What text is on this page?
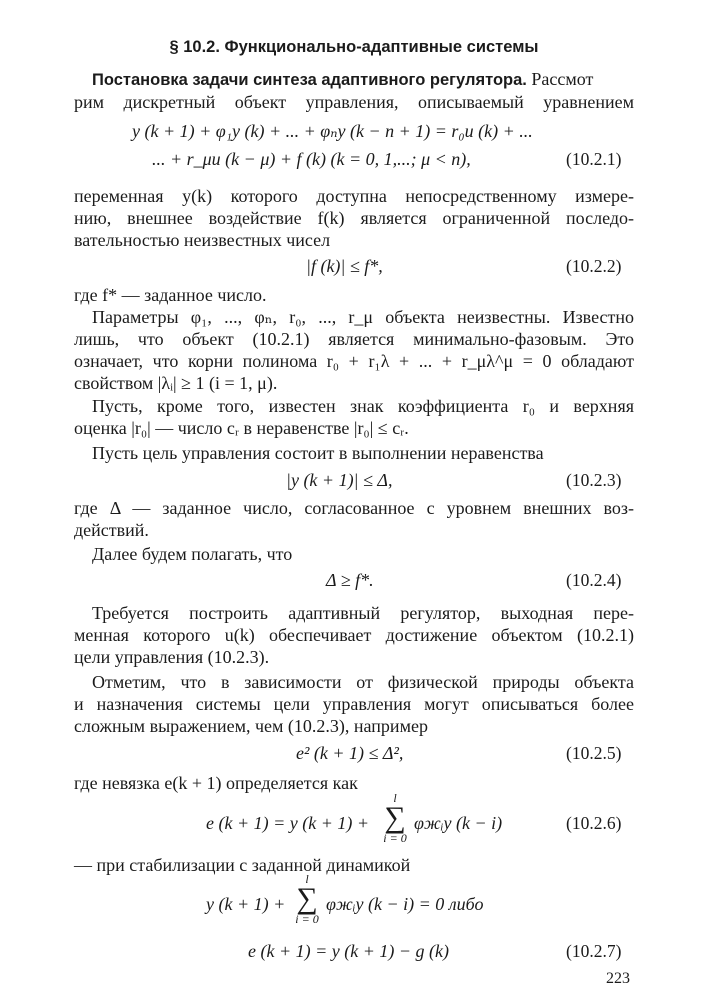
§ 10.2. Функционально-адаптивные системы
Постановка задачи синтеза адаптивного регулятора. Рассмот
рим дискретный объект управления, описываемый уравнением
y (k + 1) + φ₁y (k) + ... + φₙy (k − n + 1) = r₀u (k) + ...
... + r_μu (k − μ) + f (k) (k = 0, 1,...; μ < n),	(10.2.1)
переменная y(k) которого доступна непосредственному измере-
нию, внешнее воздействие f(k) является ограниченной последо-
вательностью неизвестных чисел
|f (k)| ≤ f*,	(10.2.2)
где f* — заданное число.
Параметры φ₁, ..., φₙ, r₀, ..., r_μ объекта неизвестны. Известно
лишь, что объект (10.2.1) является минимально-фазовым. Это
означает, что корни полинома r₀ + r₁λ + ... + r_μλ^μ = 0 обладают
свойством |λᵢ| ≥ 1 (i = 1, μ).
Пусть, кроме того, известен знак коэффициента r₀ и верхняя
оценка |r₀| — число cᵣ в неравенстве |r₀| ≤ cᵣ.
Пусть цель управления состоит в выполнении неравенства
|y (k + 1)| ≤ Δ,	(10.2.3)
где Δ — заданное число, согласованное с уровнем внешних воз-
действий.
Далее будем полагать, что
Δ ≥ f*.	(10.2.4)
Требуется построить адаптивный регулятор, выходная пере-
менная которого u(k) обеспечивает достижение объектом (10.2.1)
цели управления (10.2.3).
Отметим, что в зависимости от физической природы объекта
и назначения системы цели управления могут описываться более
сложным выражением, чем (10.2.3), например
e² (k + 1) ≤ Δ²,	(10.2.5)
где невязка e(k + 1) определяется как
e (k + 1) = y (k + 1) +
l
∑
i = 0
φжᵢy (k − i)	(10.2.6)
— при стабилизации с заданной динамикой
y (k + 1) +
l
∑
i = 0
φжᵢy (k − i) = 0 либо
e (k + 1) = y (k + 1) − g (k)	(10.2.7)
223
